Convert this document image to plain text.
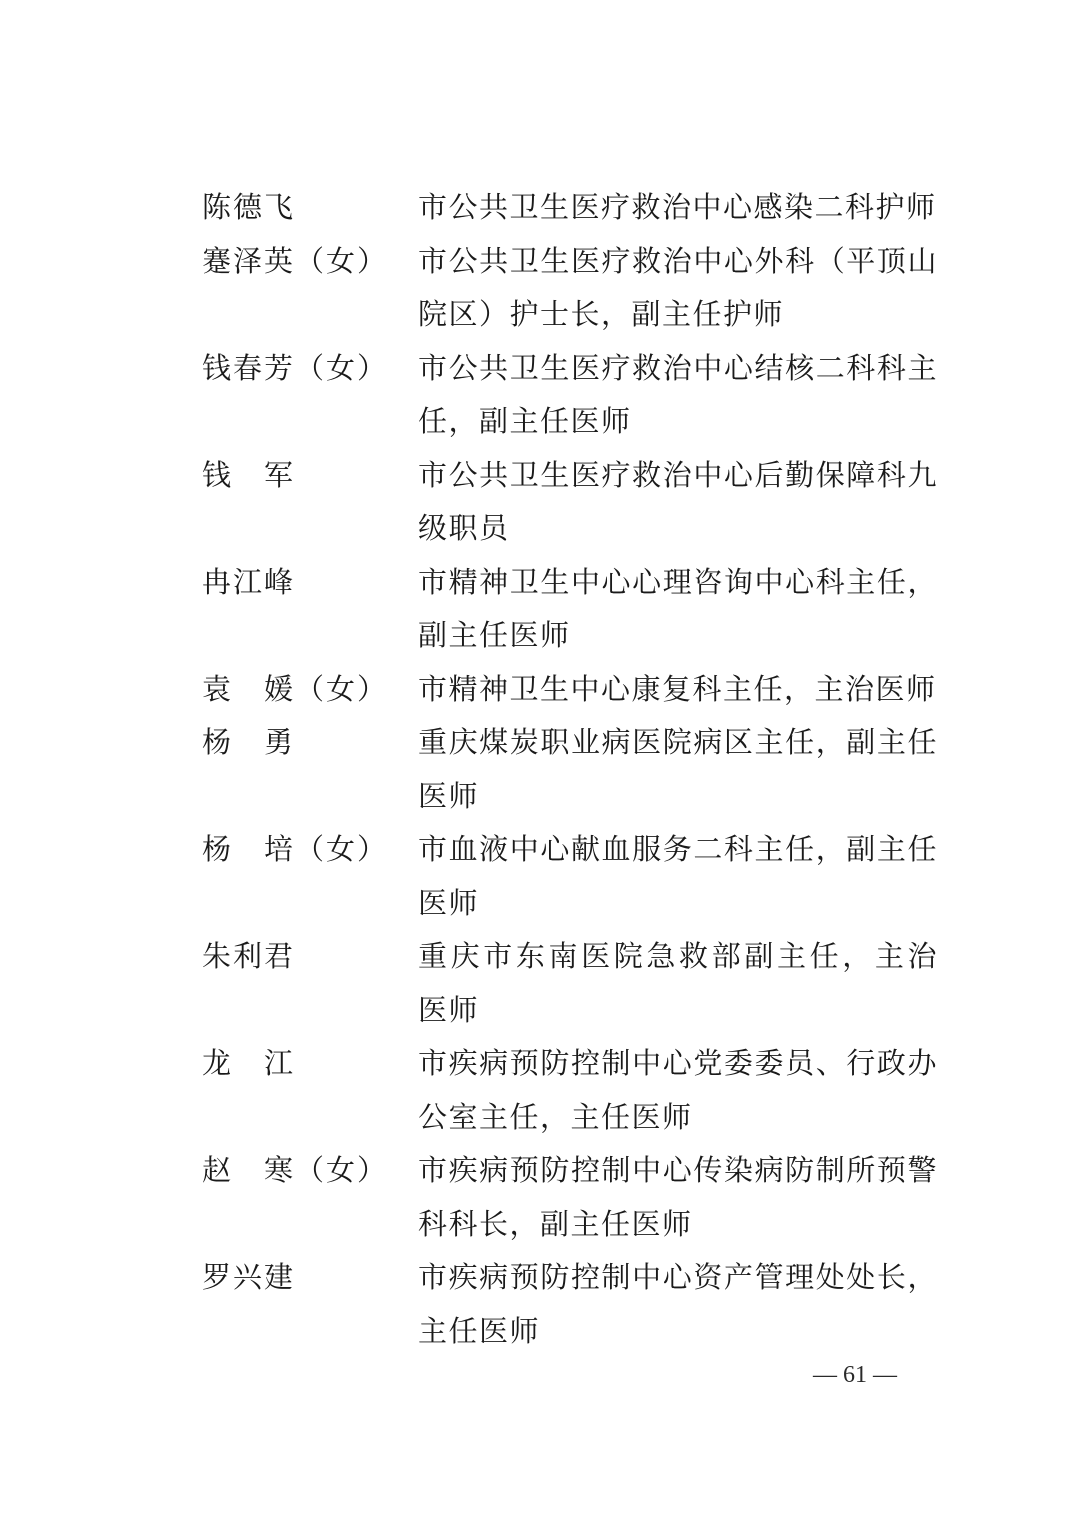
陈德飞	市公共卫生医疗救治中心感染二科护师
蹇泽英（女）	市公共卫生医疗救治中心外科（平顶山
院区）护士长，副主任护师
钱春芳（女）	市公共卫生医疗救治中心结核二科科主
任，副主任医师
钱　军	市公共卫生医疗救治中心后勤保障科九
级职员
冉江峰	市精神卫生中心心理咨询中心科主任，
副主任医师
袁　媛（女）	市精神卫生中心康复科主任，主治医师
杨　勇	重庆煤炭职业病医院病区主任，副主任
医师
杨　培（女）	市血液中心献血服务二科主任，副主任
医师
朱利君	重庆市东南医院急救部副主任，主治
医师
龙　江	市疾病预防控制中心党委委员、行政办
公室主任，主任医师
赵　寒（女）	市疾病预防控制中心传染病防制所预警
科科长，副主任医师
罗兴建	市疾病预防控制中心资产管理处处长，
主任医师
— 61 —
